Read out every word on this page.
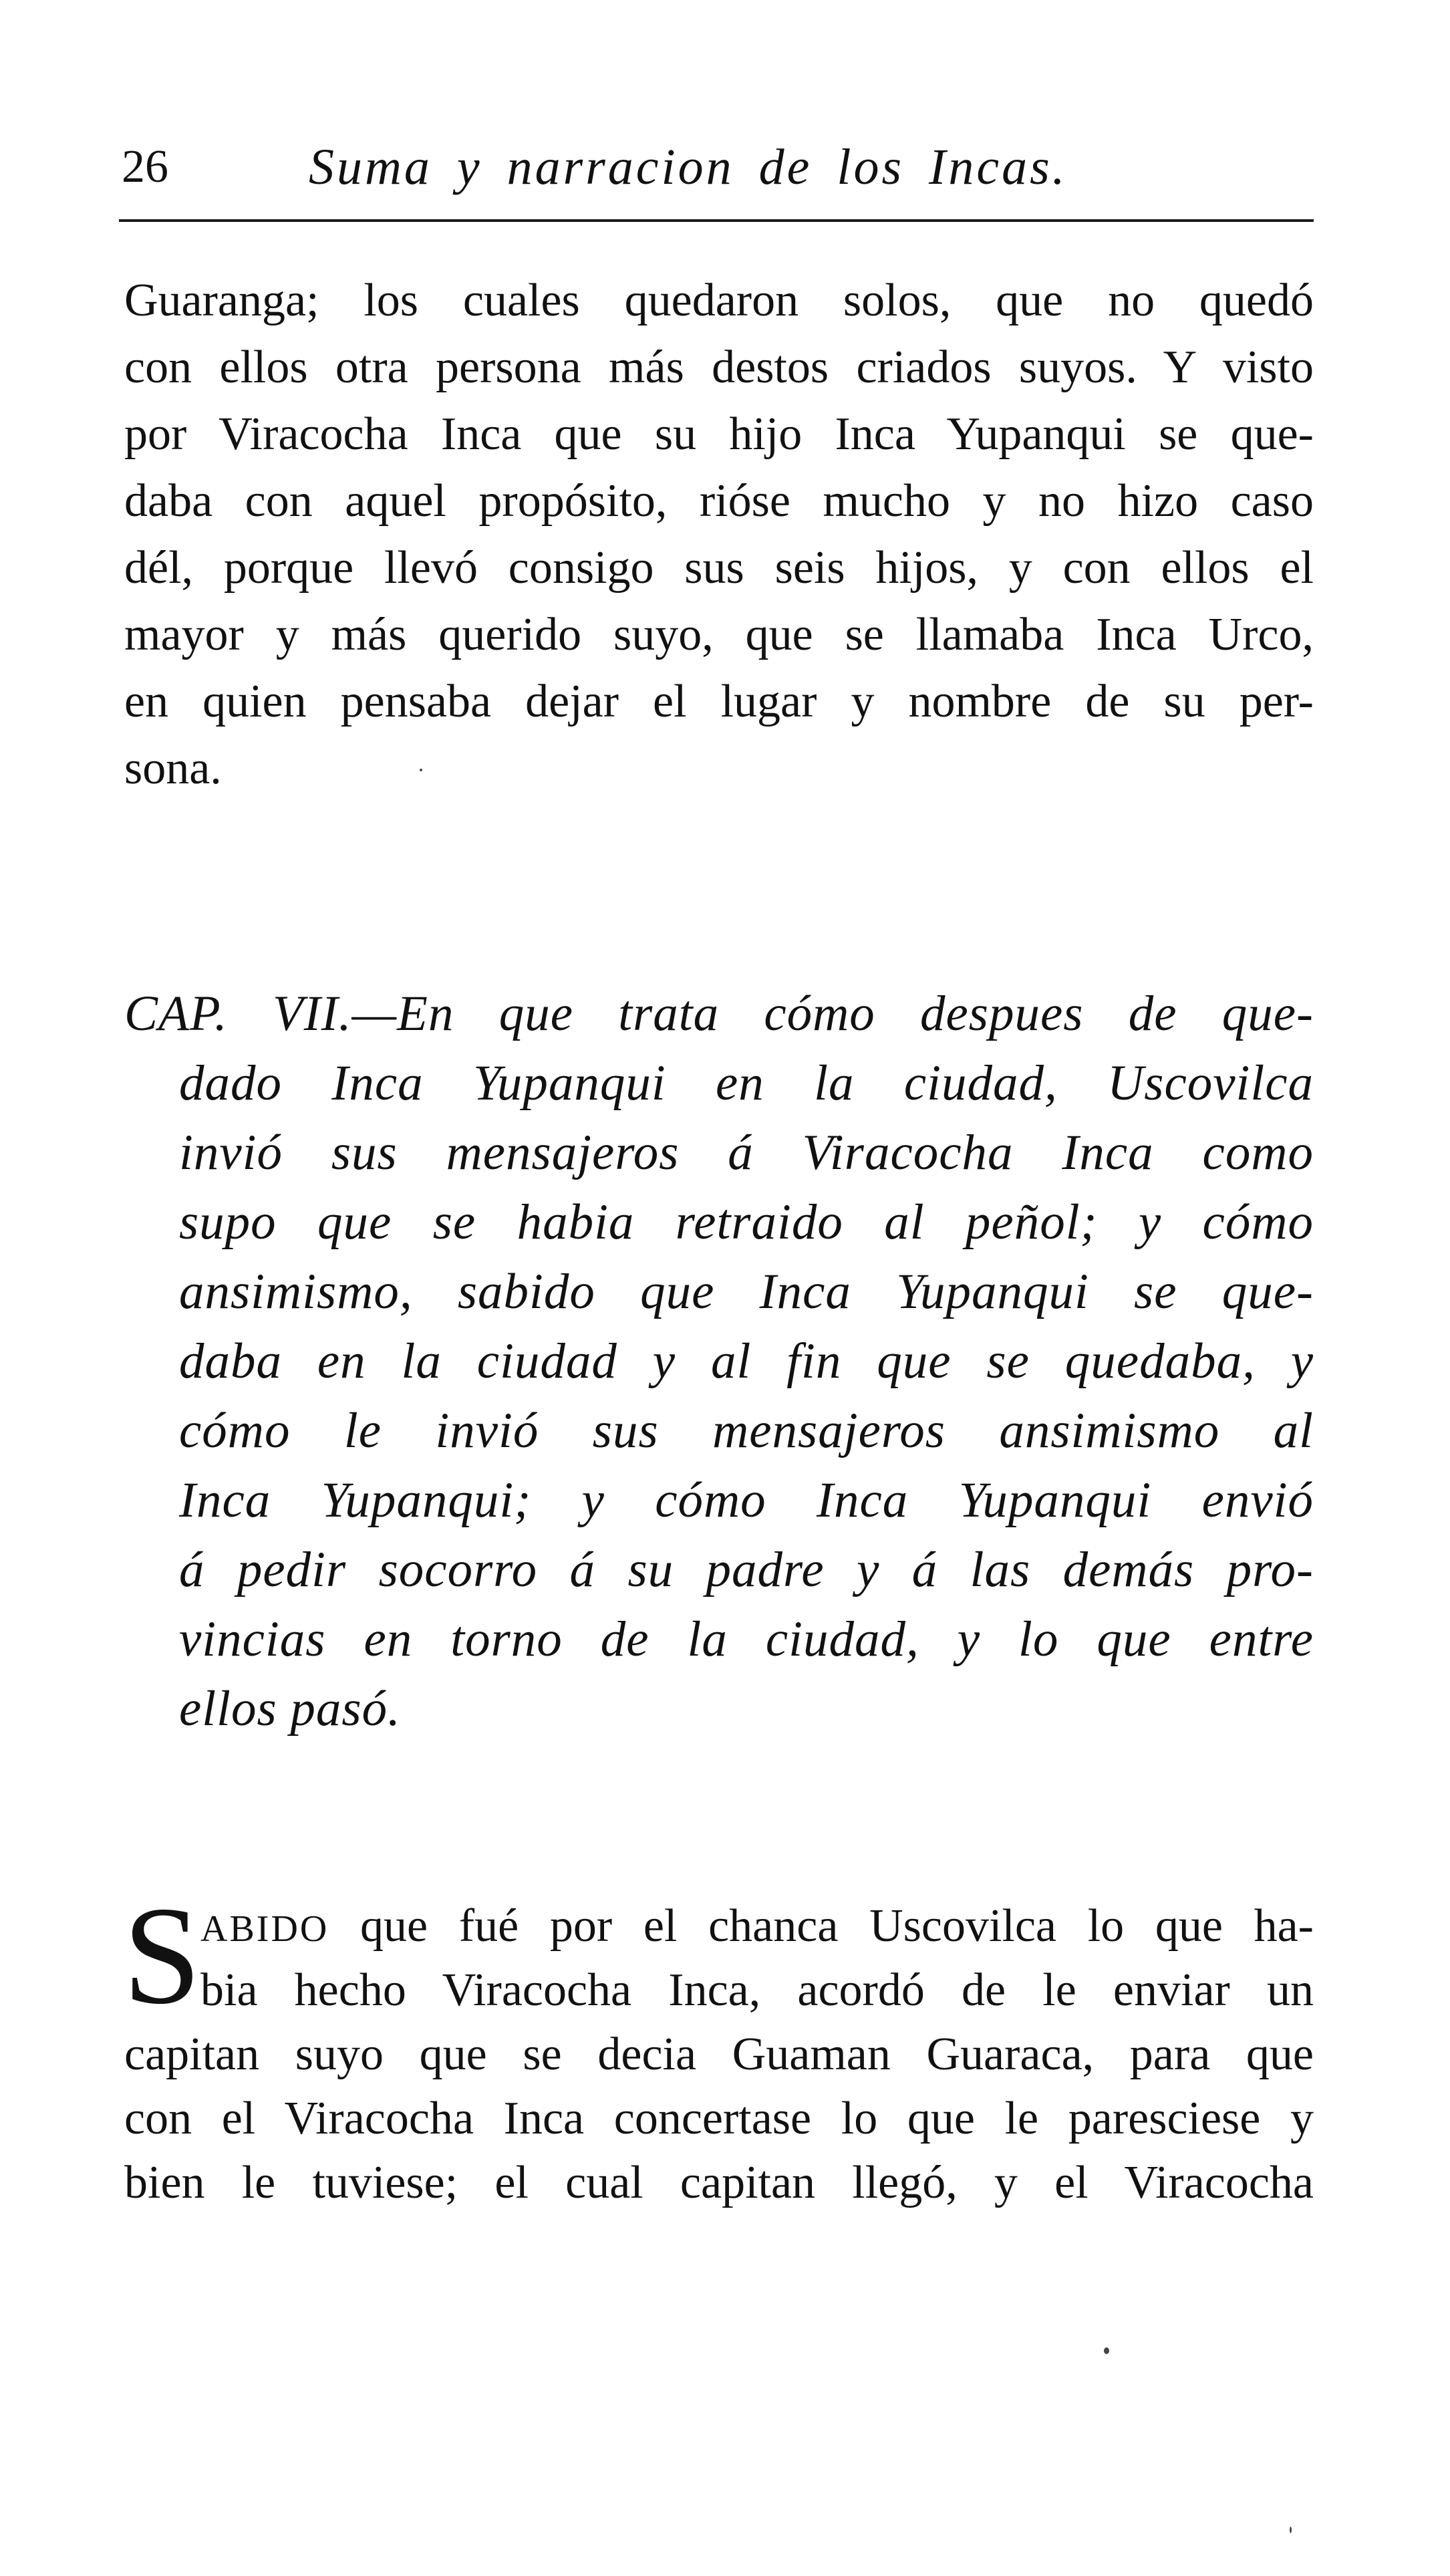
26	Suma y narracion de los Incas.
Guaranga; los cuales quedaron solos, que no quedó
con ellos otra persona más destos criados suyos. Y visto
por Viracocha Inca que su hijo Inca Yupanqui se que-
daba con aquel propósito, rióse mucho y no hizo caso
dél, porque llevó consigo sus seis hijos, y con ellos el
mayor y más querido suyo, que se llamaba Inca Urco,
en quien pensaba dejar el lugar y nombre de su per-
sona.
CAP. VII.—En que trata cómo despues de que-
dado Inca Yupanqui en la ciudad, Uscovilca
invió sus mensajeros á Viracocha Inca como
supo que se habia retraido al peñol; y cómo
ansimismo, sabido que Inca Yupanqui se que-
daba en la ciudad y al fin que se quedaba, y
cómo le invió sus mensajeros ansimismo al
Inca Yupanqui; y cómo Inca Yupanqui envió
á pedir socorro á su padre y á las demás pro-
vincias en torno de la ciudad, y lo que entre
ellos pasó.
S ABIDO que fué por el chanca Uscovilca lo que ha-
bia hecho Viracocha Inca, acordó de le enviar un
capitan suyo que se decia Guaman Guaraca, para que
con el Viracocha Inca concertase lo que le paresciese y
bien le tuviese; el cual capitan llegó, y el Viracocha
